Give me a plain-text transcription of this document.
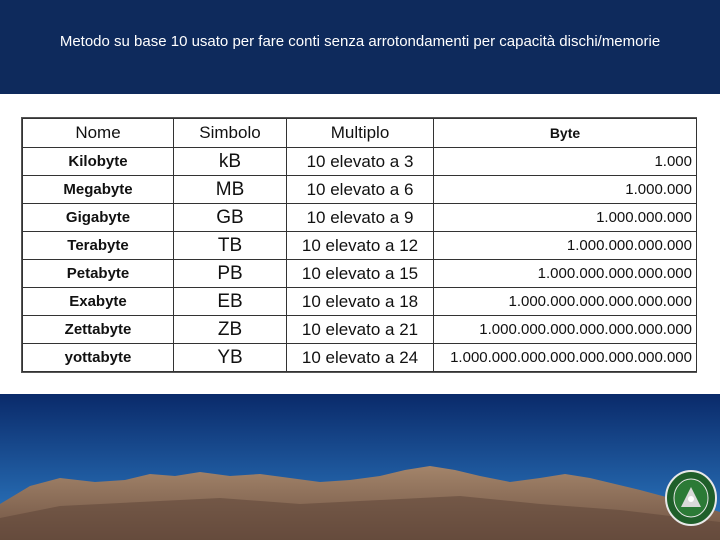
Metodo su base 10 usato per fare conti senza arrotondamenti per capacità dischi/memorie
Nome	Simbolo	Multiplo	Byte
Kilobyte	kB	10 elevato a 3	1.000
Megabyte	MB	10 elevato a 6	1.000.000
Gigabyte	GB	10 elevato a 9	1.000.000.000
Terabyte	TB	10 elevato a 12	1.000.000.000.000
Petabyte	PB	10 elevato a 15	1.000.000.000.000.000
Exabyte	EB	10 elevato a 18	1.000.000.000.000.000.000
Zettabyte	ZB	10 elevato a 21	1.000.000.000.000.000.000.000
yottabyte	YB	10 elevato a 24	1.000.000.000.000.000.000.000.000
